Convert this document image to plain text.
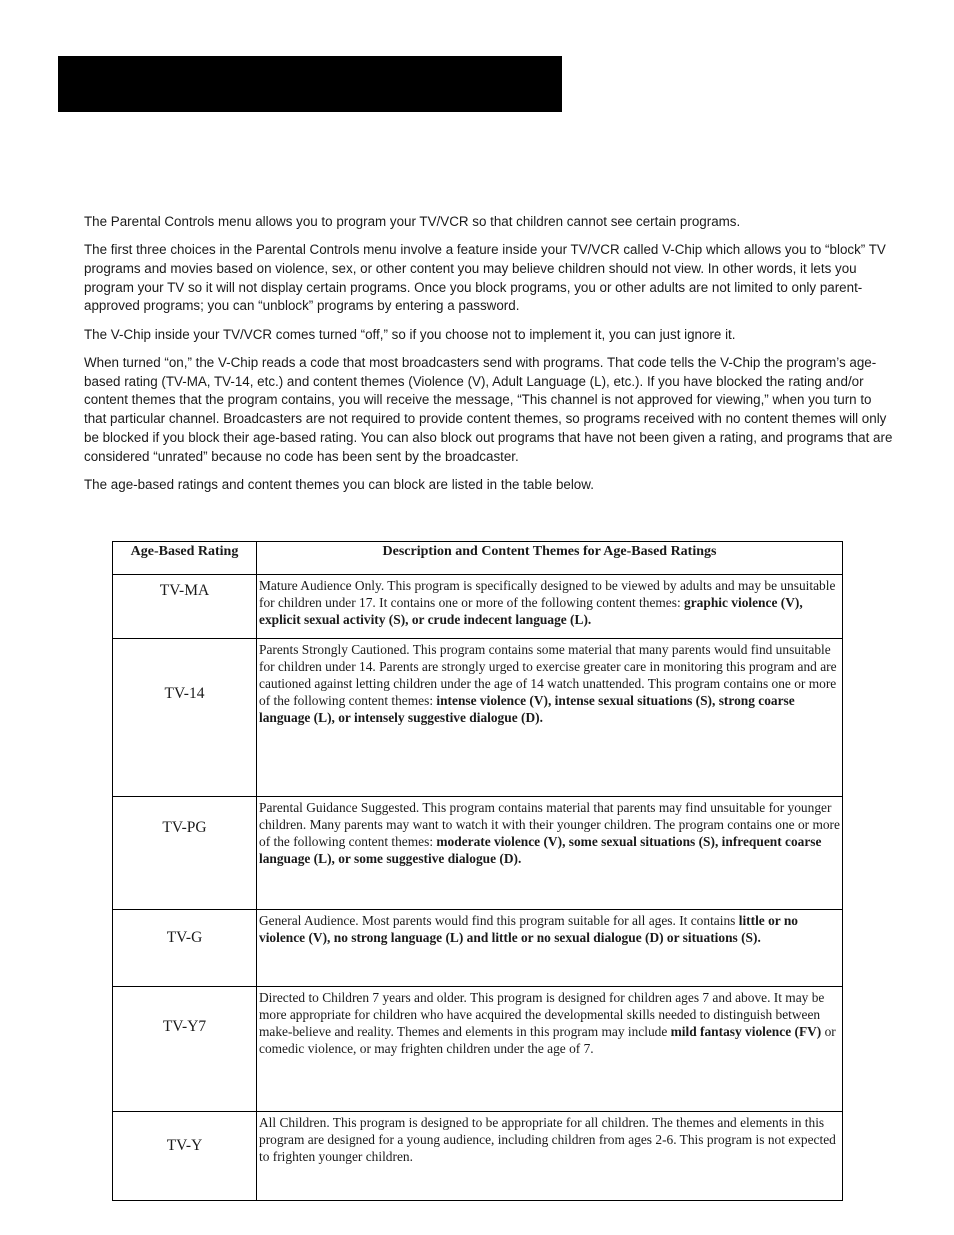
The Parental Controls menu allows you to program your TV/VCR so that children cannot see certain programs.

The first three choices in the Parental Controls menu involve a feature inside your TV/VCR called V-Chip which allows you to “block” TV programs and movies based on violence, sex, or other content you may believe children should not view. In other words, it lets you program your TV so it will not display certain programs. Once you block programs, you or other adults are not limited to only parent-approved programs; you can “unblock” programs by entering a password.

The V-Chip inside your TV/VCR comes turned “off,” so if you choose not to implement it, you can just ignore it.

When turned “on,” the V-Chip reads a code that most broadcasters send with programs. That code tells the V-Chip the program’s age-based rating (TV-MA, TV-14, etc.) and content themes (Violence (V), Adult Language (L), etc.). If you have blocked the rating and/or content themes that the program contains, you will receive the message, “This channel is not approved for viewing,” when you turn to that particular channel. Broadcasters are not required to provide content themes, so programs received with no content themes will only be blocked if you block their age-based rating. You can also block out programs that have not been given a rating, and programs that are considered “unrated” because no code has been sent by the broadcaster.

The age-based ratings and content themes you can block are listed in the table below.

Age-Based Rating	Description and Content Themes for Age-Based Ratings
TV-MA	Mature Audience Only. This program is specifically designed to be viewed by adults and may be unsuitable for children under 17. It contains one or more of the following content themes: graphic violence (V), explicit sexual activity (S), or crude indecent language (L).
TV-14	Parents Strongly Cautioned. This program contains some material that many parents would find unsuitable for children under 14. Parents are strongly urged to exercise greater care in monitoring this program and are cautioned against letting children under the age of 14 watch unattended. This program contains one or more of the following content themes: intense violence (V), intense sexual situations (S), strong coarse language (L), or intensely suggestive dialogue (D).
TV-PG	Parental Guidance Suggested. This program contains material that parents may find unsuitable for younger children. Many parents may want to watch it with their younger children. The program contains one or more of the following content themes: moderate violence (V), some sexual situations (S), infrequent coarse language (L), or some suggestive dialogue (D).
TV-G	General Audience. Most parents would find this program suitable for all ages. It contains little or no violence (V), no strong language (L) and little or no sexual dialogue (D) or situations (S).
TV-Y7	Directed to Children 7 years and older. This program is designed for children ages 7 and above. It may be more appropriate for children who have acquired the developmental skills needed to distinguish between make-believe and reality. Themes and elements in this program may include mild fantasy violence (FV) or comedic violence, or may frighten children under the age of 7.
TV-Y	All Children. This program is designed to be appropriate for all children. The themes and elements in this program are designed for a young audience, including children from ages 2-6. This program is not expected to frighten younger children.
